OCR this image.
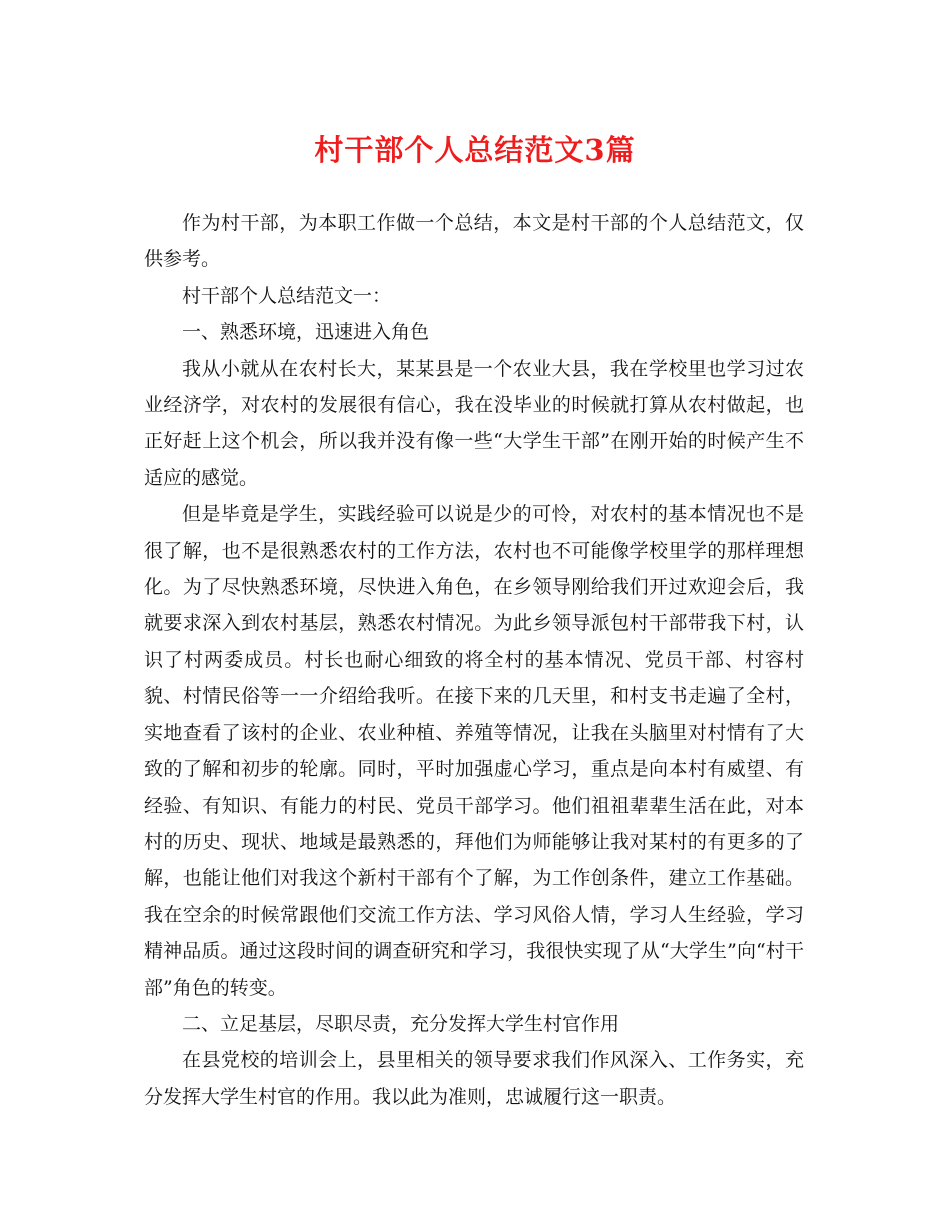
村干部个人总结范文3篇

作为村干部，为本职工作做一个总结，本文是村干部的个人总结范文，仅供参考。

村干部个人总结范文一：

一、熟悉环境，迅速进入角色

我从小就从在农村长大，某某县是一个农业大县，我在学校里也学习过农业经济学，对农村的发展很有信心，我在没毕业的时候就打算从农村做起，也正好赶上这个机会，所以我并没有像一些“大学生干部”在刚开始的时候产生不适应的感觉。

但是毕竟是学生，实践经验可以说是少的可怜，对农村的基本情况也不是很了解，也不是很熟悉农村的工作方法，农村也不可能像学校里学的那样理想化。为了尽快熟悉环境，尽快进入角色，在乡领导刚给我们开过欢迎会后，我就要求深入到农村基层，熟悉农村情况。为此乡领导派包村干部带我下村，认识了村两委成员。村长也耐心细致的将全村的基本情况、党员干部、村容村貌、村情民俗等一一介绍给我听。在接下来的几天里，和村支书走遍了全村，实地查看了该村的企业、农业种植、养殖等情况，让我在头脑里对村情有了大致的了解和初步的轮廓。同时，平时加强虚心学习，重点是向本村有威望、有经验、有知识、有能力的村民、党员干部学习。他们祖祖辈辈生活在此，对本村的历史、现状、地域是最熟悉的，拜他们为师能够让我对某村的有更多的了解，也能让他们对我这个新村干部有个了解，为工作创条件，建立工作基础。我在空余的时候常跟他们交流工作方法、学习风俗人情，学习人生经验，学习精神品质。通过这段时间的调查研究和学习，我很快实现了从“大学生”向“村干部”角色的转变。

二、立足基层，尽职尽责，充分发挥大学生村官作用

在县党校的培训会上，县里相关的领导要求我们作风深入、工作务实，充分发挥大学生村官的作用。我以此为准则，忠诚履行这一职责。
